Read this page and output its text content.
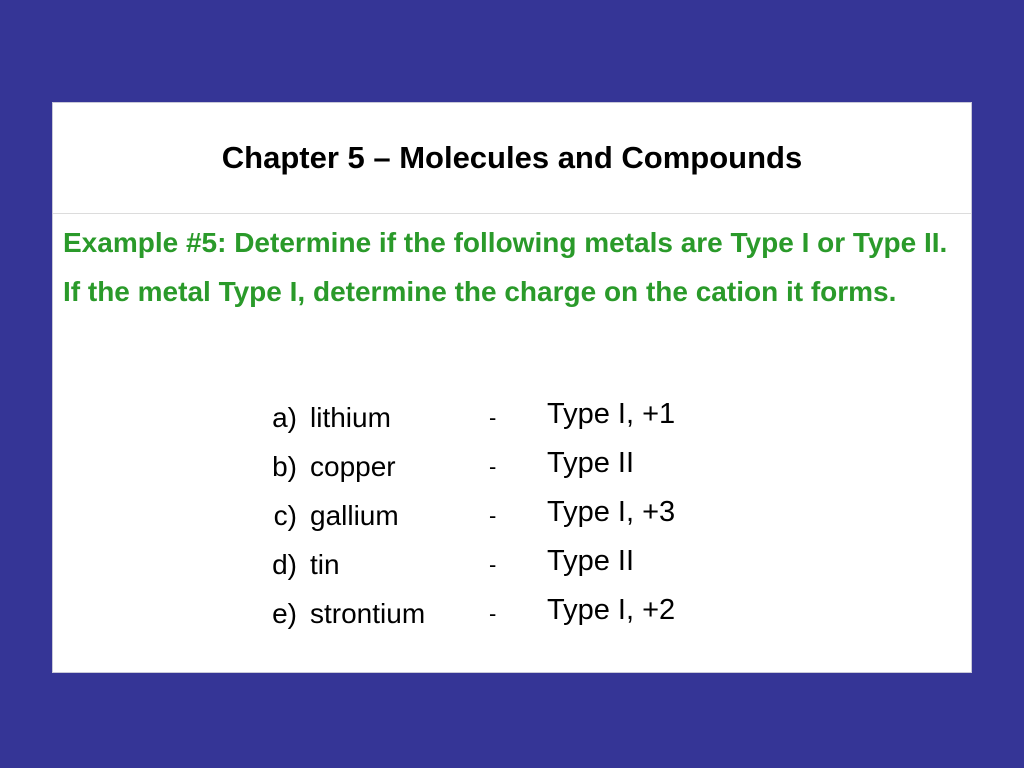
Chapter 5 – Molecules and Compounds

Example #5: Determine if the following metals are Type I or Type II. If the metal Type I, determine the charge on the cation it forms.

a) lithium	- Type I, +1
b) copper	- Type II
c) gallium	- Type I, +3
d) tin	- Type II
e) strontium	- Type I, +2
